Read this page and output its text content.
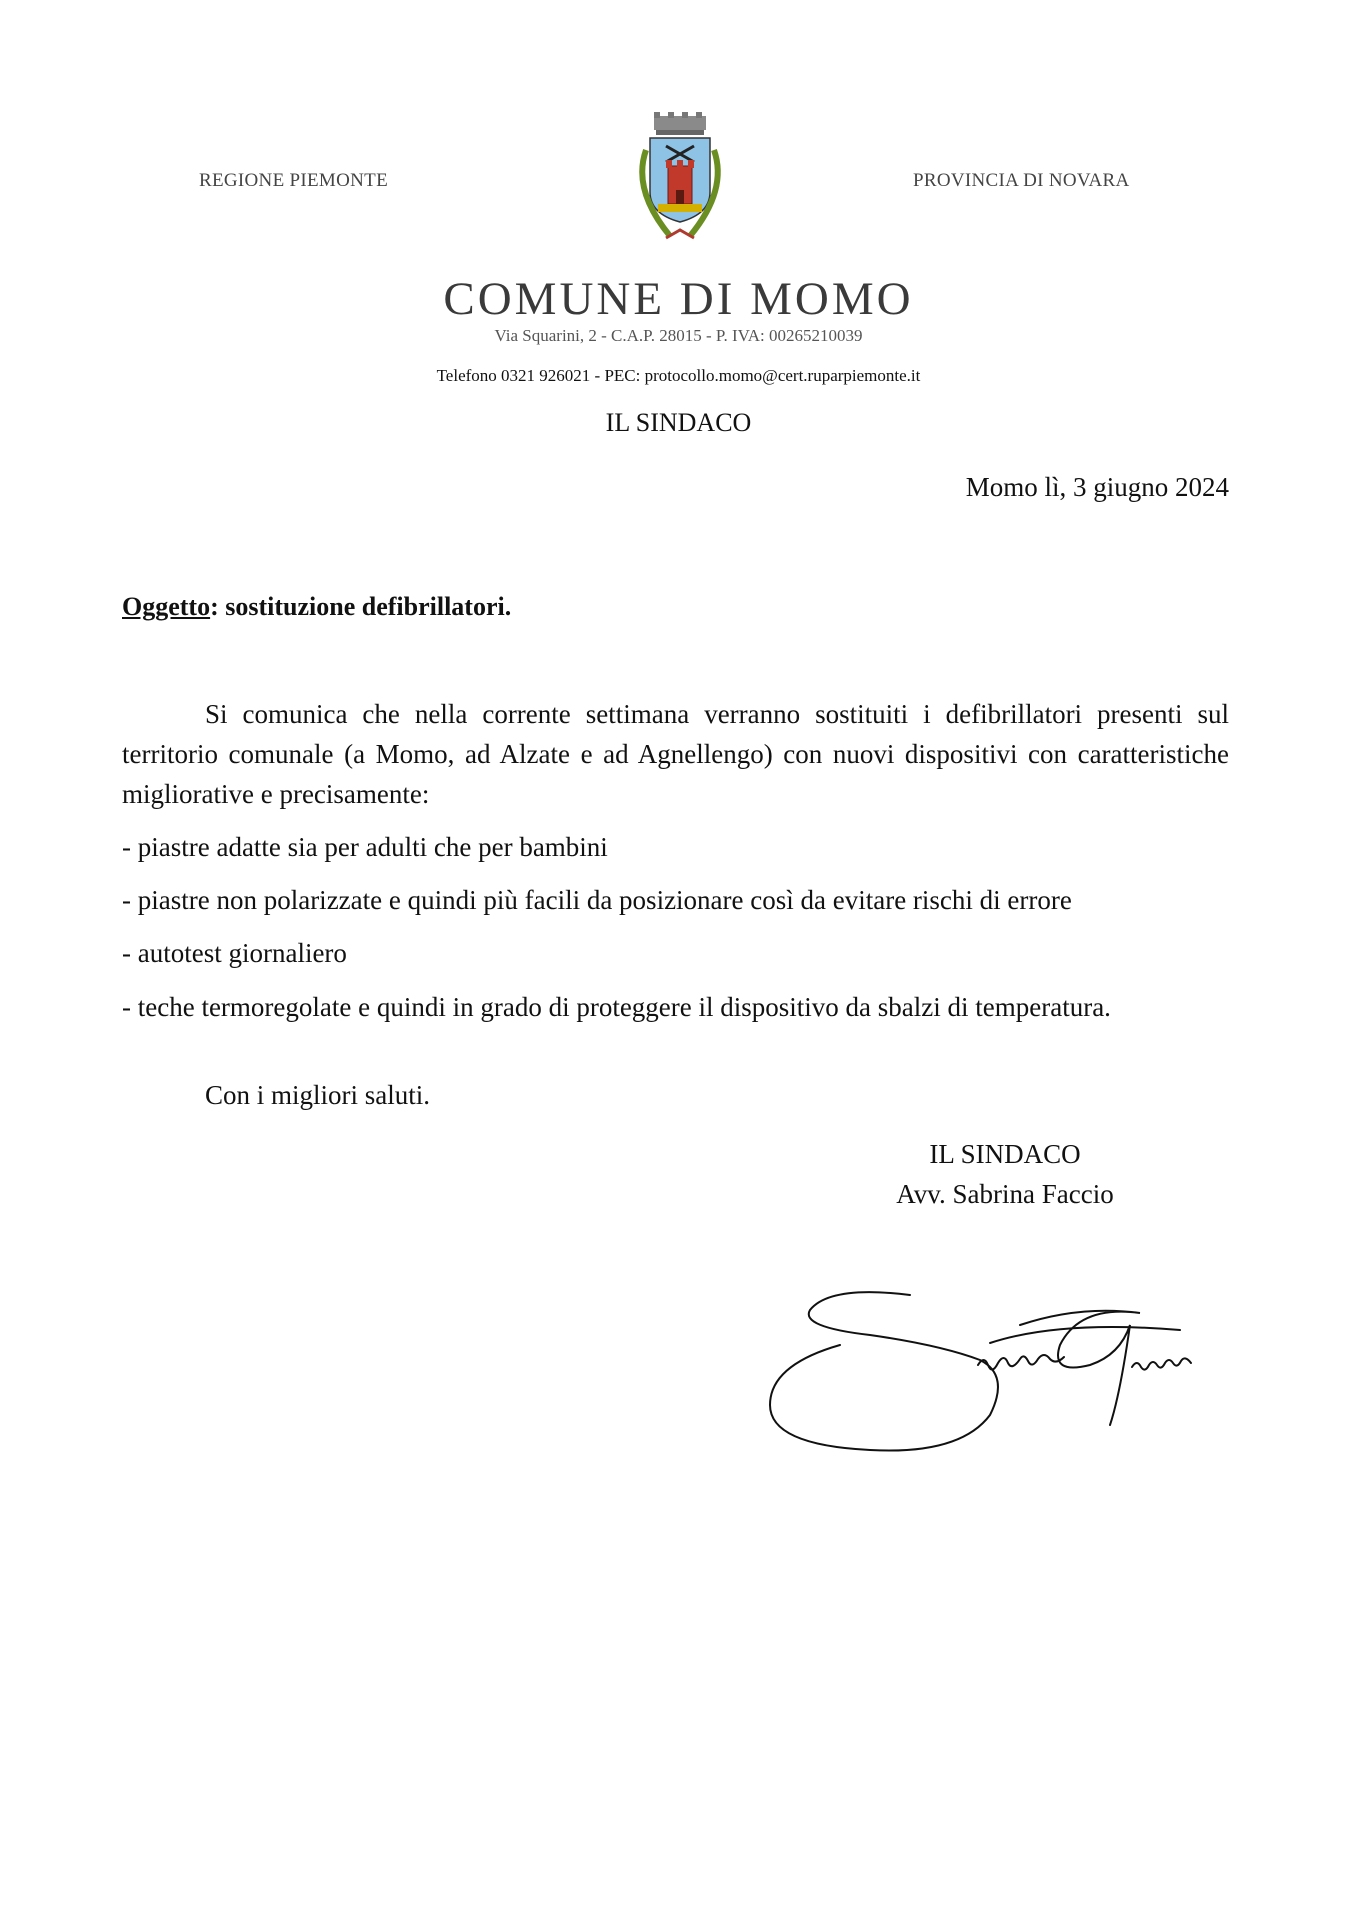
REGIONE PIEMONTE	PROVINCIA DI NOVARA
COMUNE DI MOMO
Via Squarini, 2 - C.A.P. 28015 - P. IVA: 00265210039
Telefono 0321 926021 - PEC: protocollo.momo@cert.ruparpiemonte.it
IL SINDACO
Momo lì, 3 giugno 2024
Oggetto: sostituzione defibrillatori.
Si comunica che nella corrente settimana verranno sostituiti i defibrillatori presenti sul territorio comunale (a Momo, ad Alzate e ad Agnellengo) con nuovi dispositivi con caratteristiche migliorative e precisamente:
- piastre adatte sia per adulti che per bambini
- piastre non polarizzate e quindi più facili da posizionare così da evitare rischi di errore
- autotest giornaliero
- teche termoregolate e quindi in grado di proteggere il dispositivo da sbalzi di temperatura.
Con i migliori saluti.
IL SINDACO
Avv. Sabrina Faccio
